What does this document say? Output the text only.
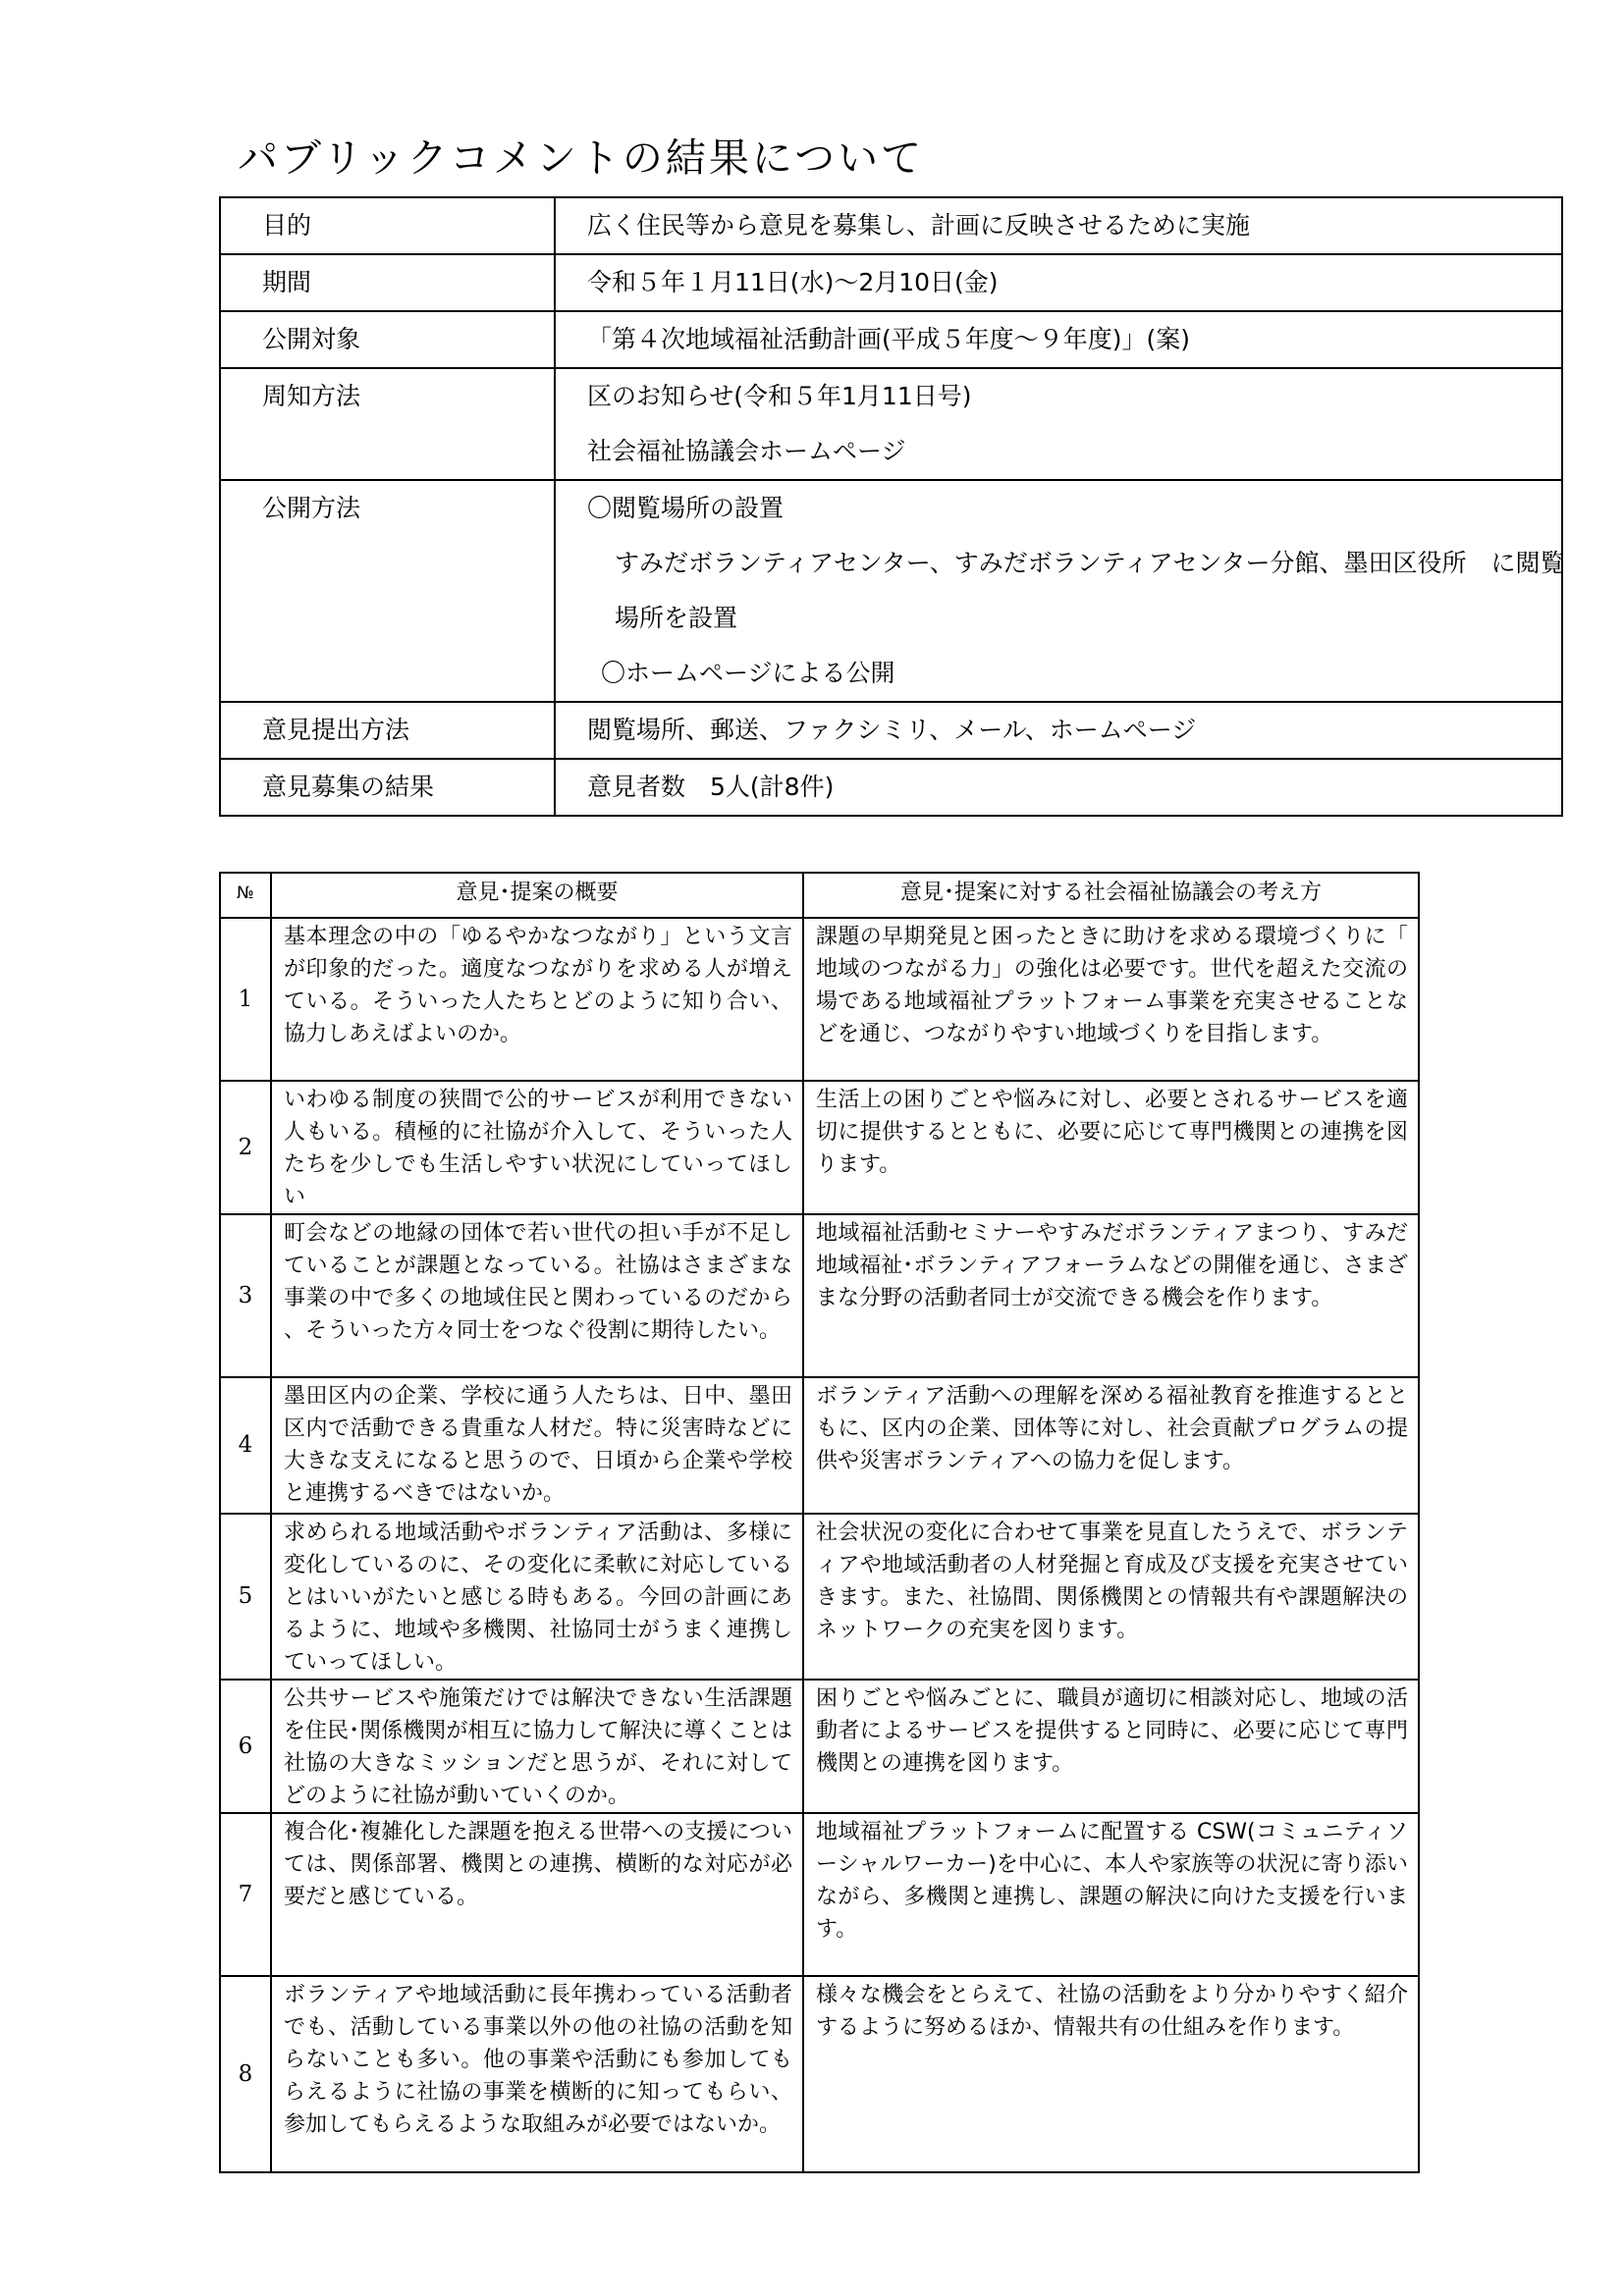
パブリックコメントの結果について
目的	広く住民等から意見を募集し、計画に反映させるために実施
期間	令和５年１月11日(水)～2月10日(金)
公開対象	「第４次地域福祉活動計画(平成５年度～９年度)」(案)
周知方法	区のお知らせ(令和５年1月11日号)
社会福祉協議会ホームページ

公開方法	〇閲覧場所の設置
すみだボランティアセンター、すみだボランティアセンター分館、墨田区役所　に閲覧
場所を設置
〇ホームページによる公開

意見提出方法	閲覧場所、郵送、ファクシミリ、メール、ホームページ
意見募集の結果	意見者数　5人(計8件)
№	意見･提案の概要	意見･提案に対する社会福祉協議会の考え方
1	基本理念の中の「ゆるやかなつながり」という文言が印象的だった。適度なつながりを求める人が増えている。そういった人たちとどのように知り合い、協力しあえばよいのか。	課題の早期発見と困ったときに助けを求める環境づくりに「地域のつながる力」の強化は必要です。世代を超えた交流の場である地域福祉プラットフォーム事業を充実させることなどを通じ、つながりやすい地域づくりを目指します。
2	いわゆる制度の狭間で公的サービスが利用できない人もいる。積極的に社協が介入して、そういった人たちを少しでも生活しやすい状況にしていってほしい	生活上の困りごとや悩みに対し、必要とされるサービスを適切に提供するとともに、必要に応じて専門機関との連携を図ります。
3	町会などの地縁の団体で若い世代の担い手が不足していることが課題となっている。社協はさまざまな事業の中で多くの地域住民と関わっているのだから、そういった方々同士をつなぐ役割に期待したい。	地域福祉活動セミナーやすみだボランティアまつり、すみだ地域福祉･ボランティアフォーラムなどの開催を通じ、さまざまな分野の活動者同士が交流できる機会を作ります。
4	墨田区内の企業、学校に通う人たちは、日中、墨田区内で活動できる貴重な人材だ。特に災害時などに大きな支えになると思うので、日頃から企業や学校と連携するべきではないか。	ボランティア活動への理解を深める福祉教育を推進するとともに、区内の企業、団体等に対し、社会貢献プログラムの提供や災害ボランティアへの協力を促します。
5	求められる地域活動やボランティア活動は、多様に変化しているのに、その変化に柔軟に対応しているとはいいがたいと感じる時もある。今回の計画にあるように、地域や多機関、社協同士がうまく連携していってほしい。	社会状況の変化に合わせて事業を見直したうえで、ボランティアや地域活動者の人材発掘と育成及び支援を充実させていきます。また、社協間、関係機関との情報共有や課題解決のネットワークの充実を図ります。
6	公共サービスや施策だけでは解決できない生活課題を住民･関係機関が相互に協力して解決に導くことは社協の大きなミッションだと思うが、それに対してどのように社協が動いていくのか。	困りごとや悩みごとに、職員が適切に相談対応し、地域の活動者によるサービスを提供すると同時に、必要に応じて専門機関との連携を図ります。
7	複合化･複雑化した課題を抱える世帯への支援については、関係部署、機関との連携、横断的な対応が必要だと感じている。	地域福祉プラットフォームに配置する CSW(コミュニティソーシャルワーカー)を中心に、本人や家族等の状況に寄り添いながら、多機関と連携し、課題の解決に向けた支援を行います。
8	ボランティアや地域活動に長年携わっている活動者でも、活動している事業以外の他の社協の活動を知らないことも多い。他の事業や活動にも参加してもらえるように社協の事業を横断的に知ってもらい、参加してもらえるような取組みが必要ではないか。	様々な機会をとらえて、社協の活動をより分かりやすく紹介するように努めるほか、情報共有の仕組みを作ります。
